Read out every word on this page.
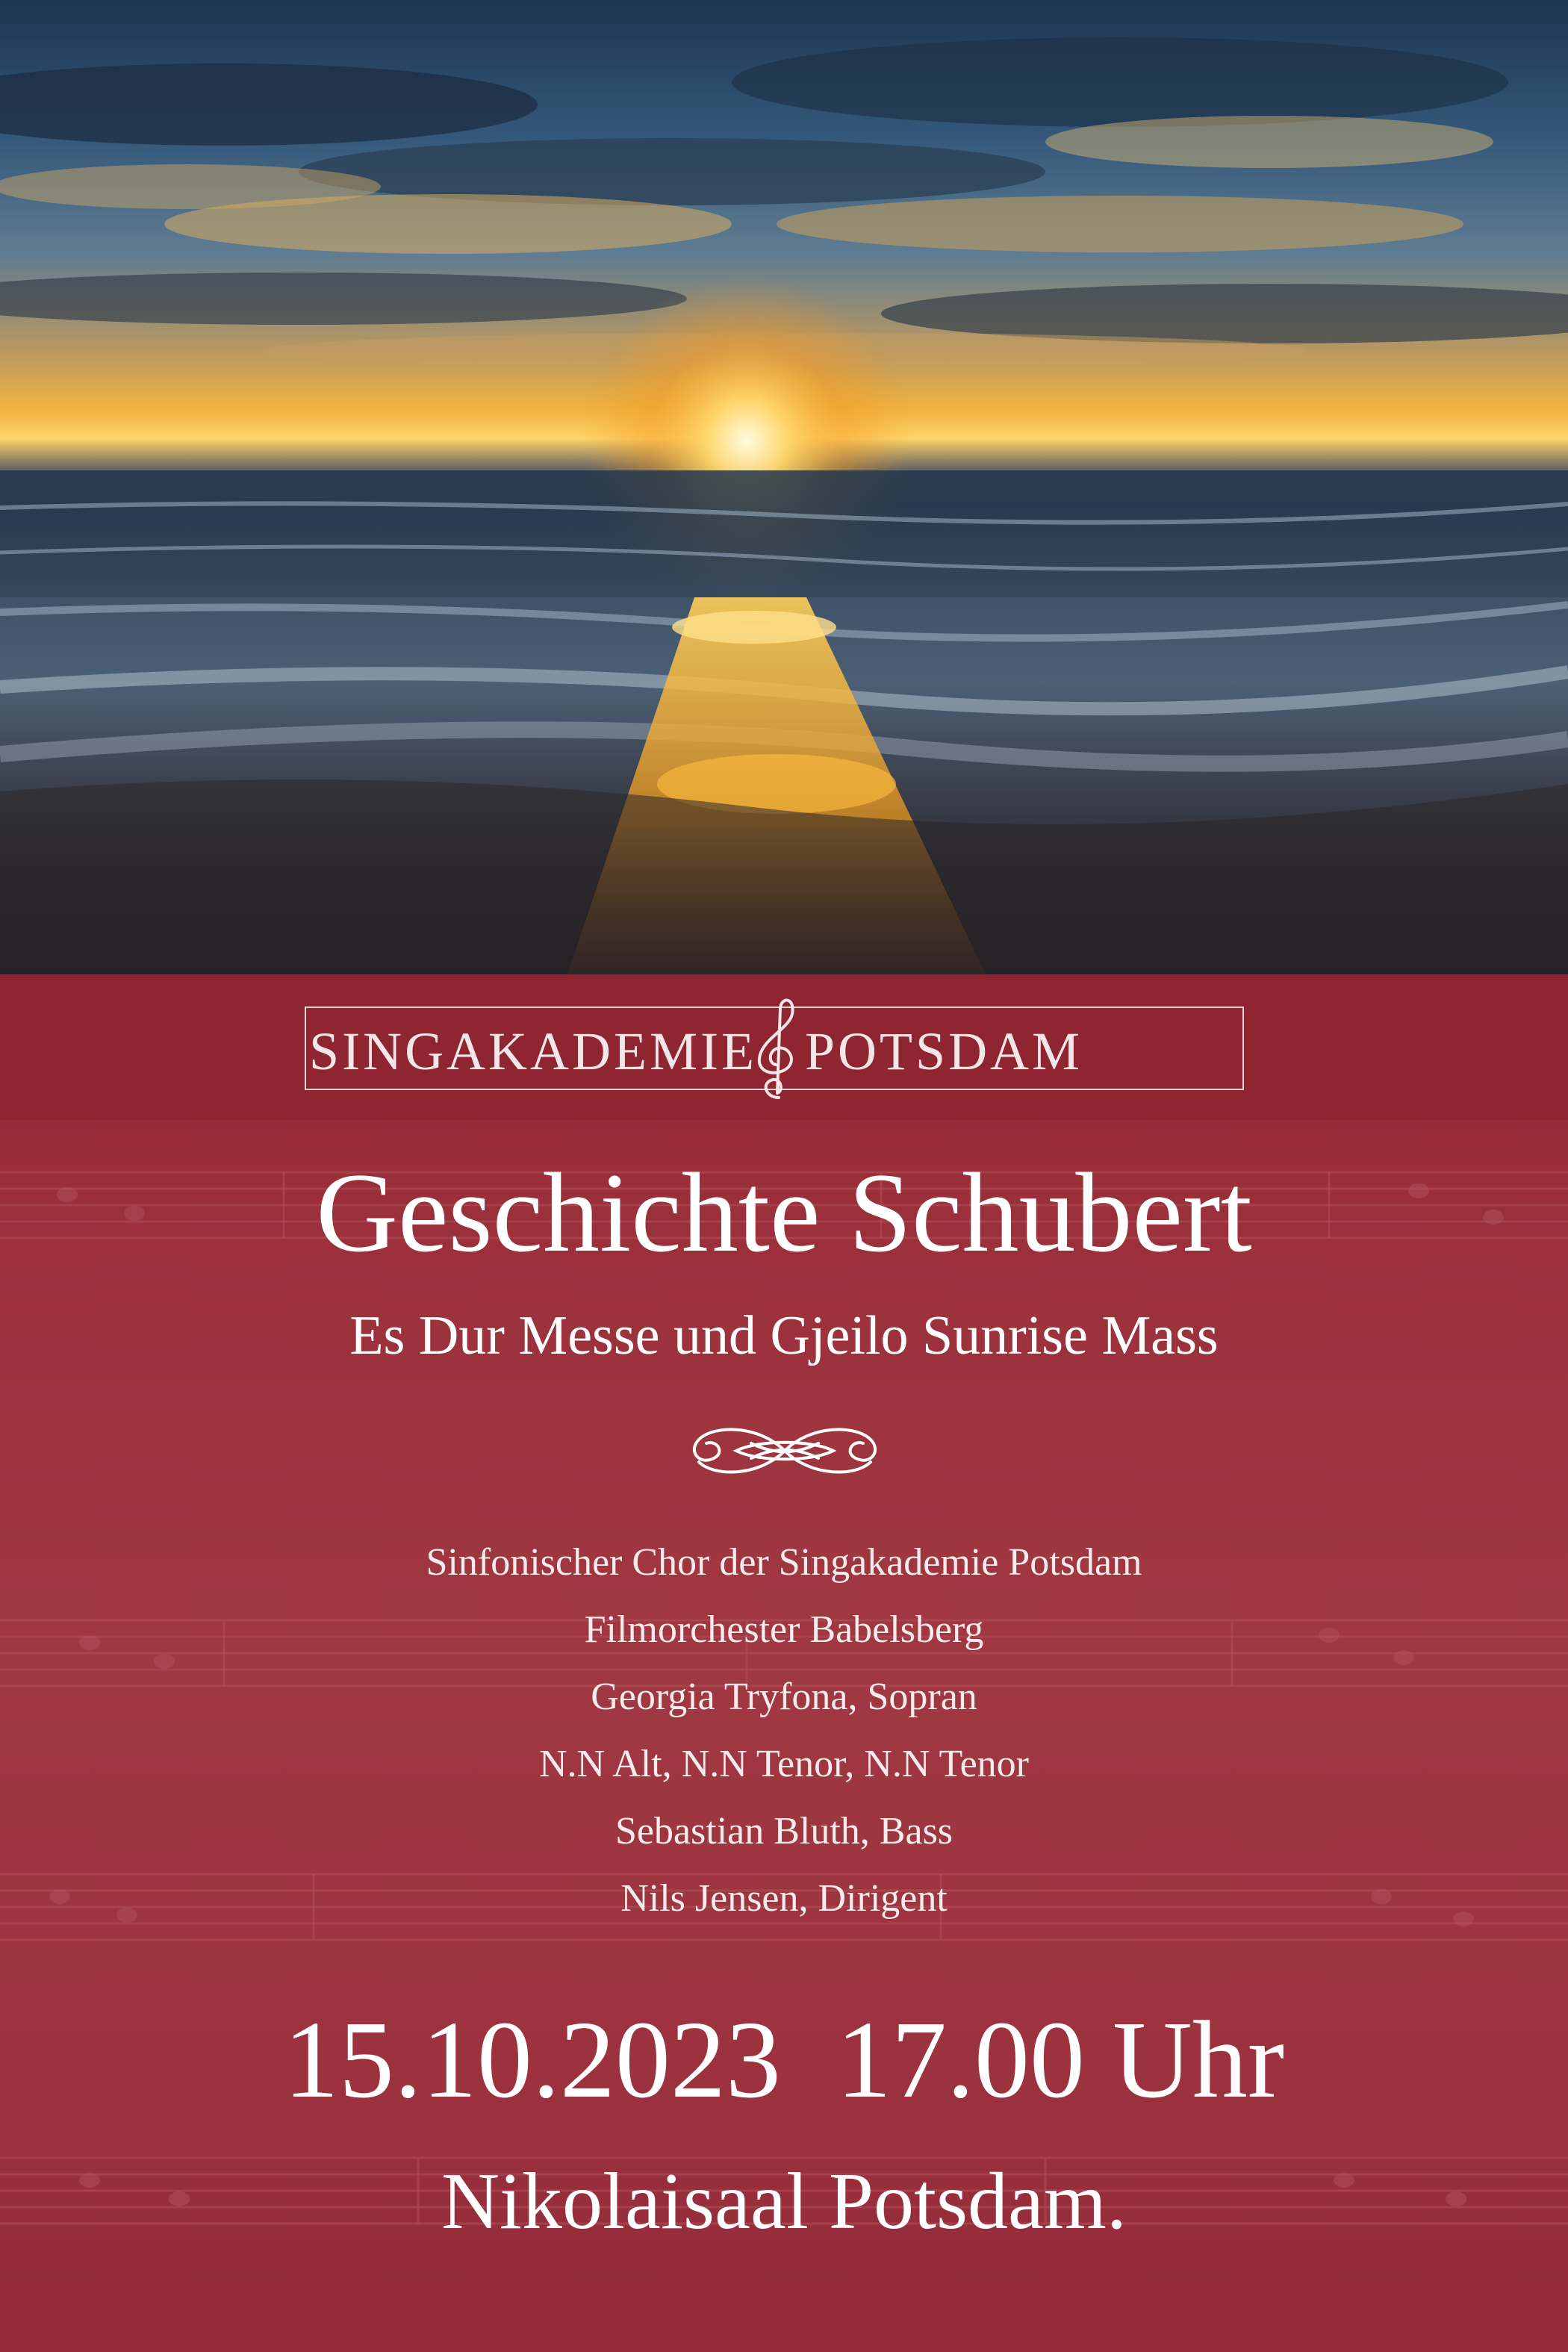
SINGAKADEMIE POTSDAM
Geschichte Schubert
Es Dur Messe und Gjeilo Sunrise Mass
Sinfonischer Chor der Singakademie Potsdam
Filmorchester Babelsberg
Georgia Tryfona, Sopran
N.N Alt, N.N Tenor, N.N Tenor
Sebastian Bluth, Bass
Nils Jensen, Dirigent
15.10.2023  17.00 Uhr
Nikolaisaal Potsdam.
